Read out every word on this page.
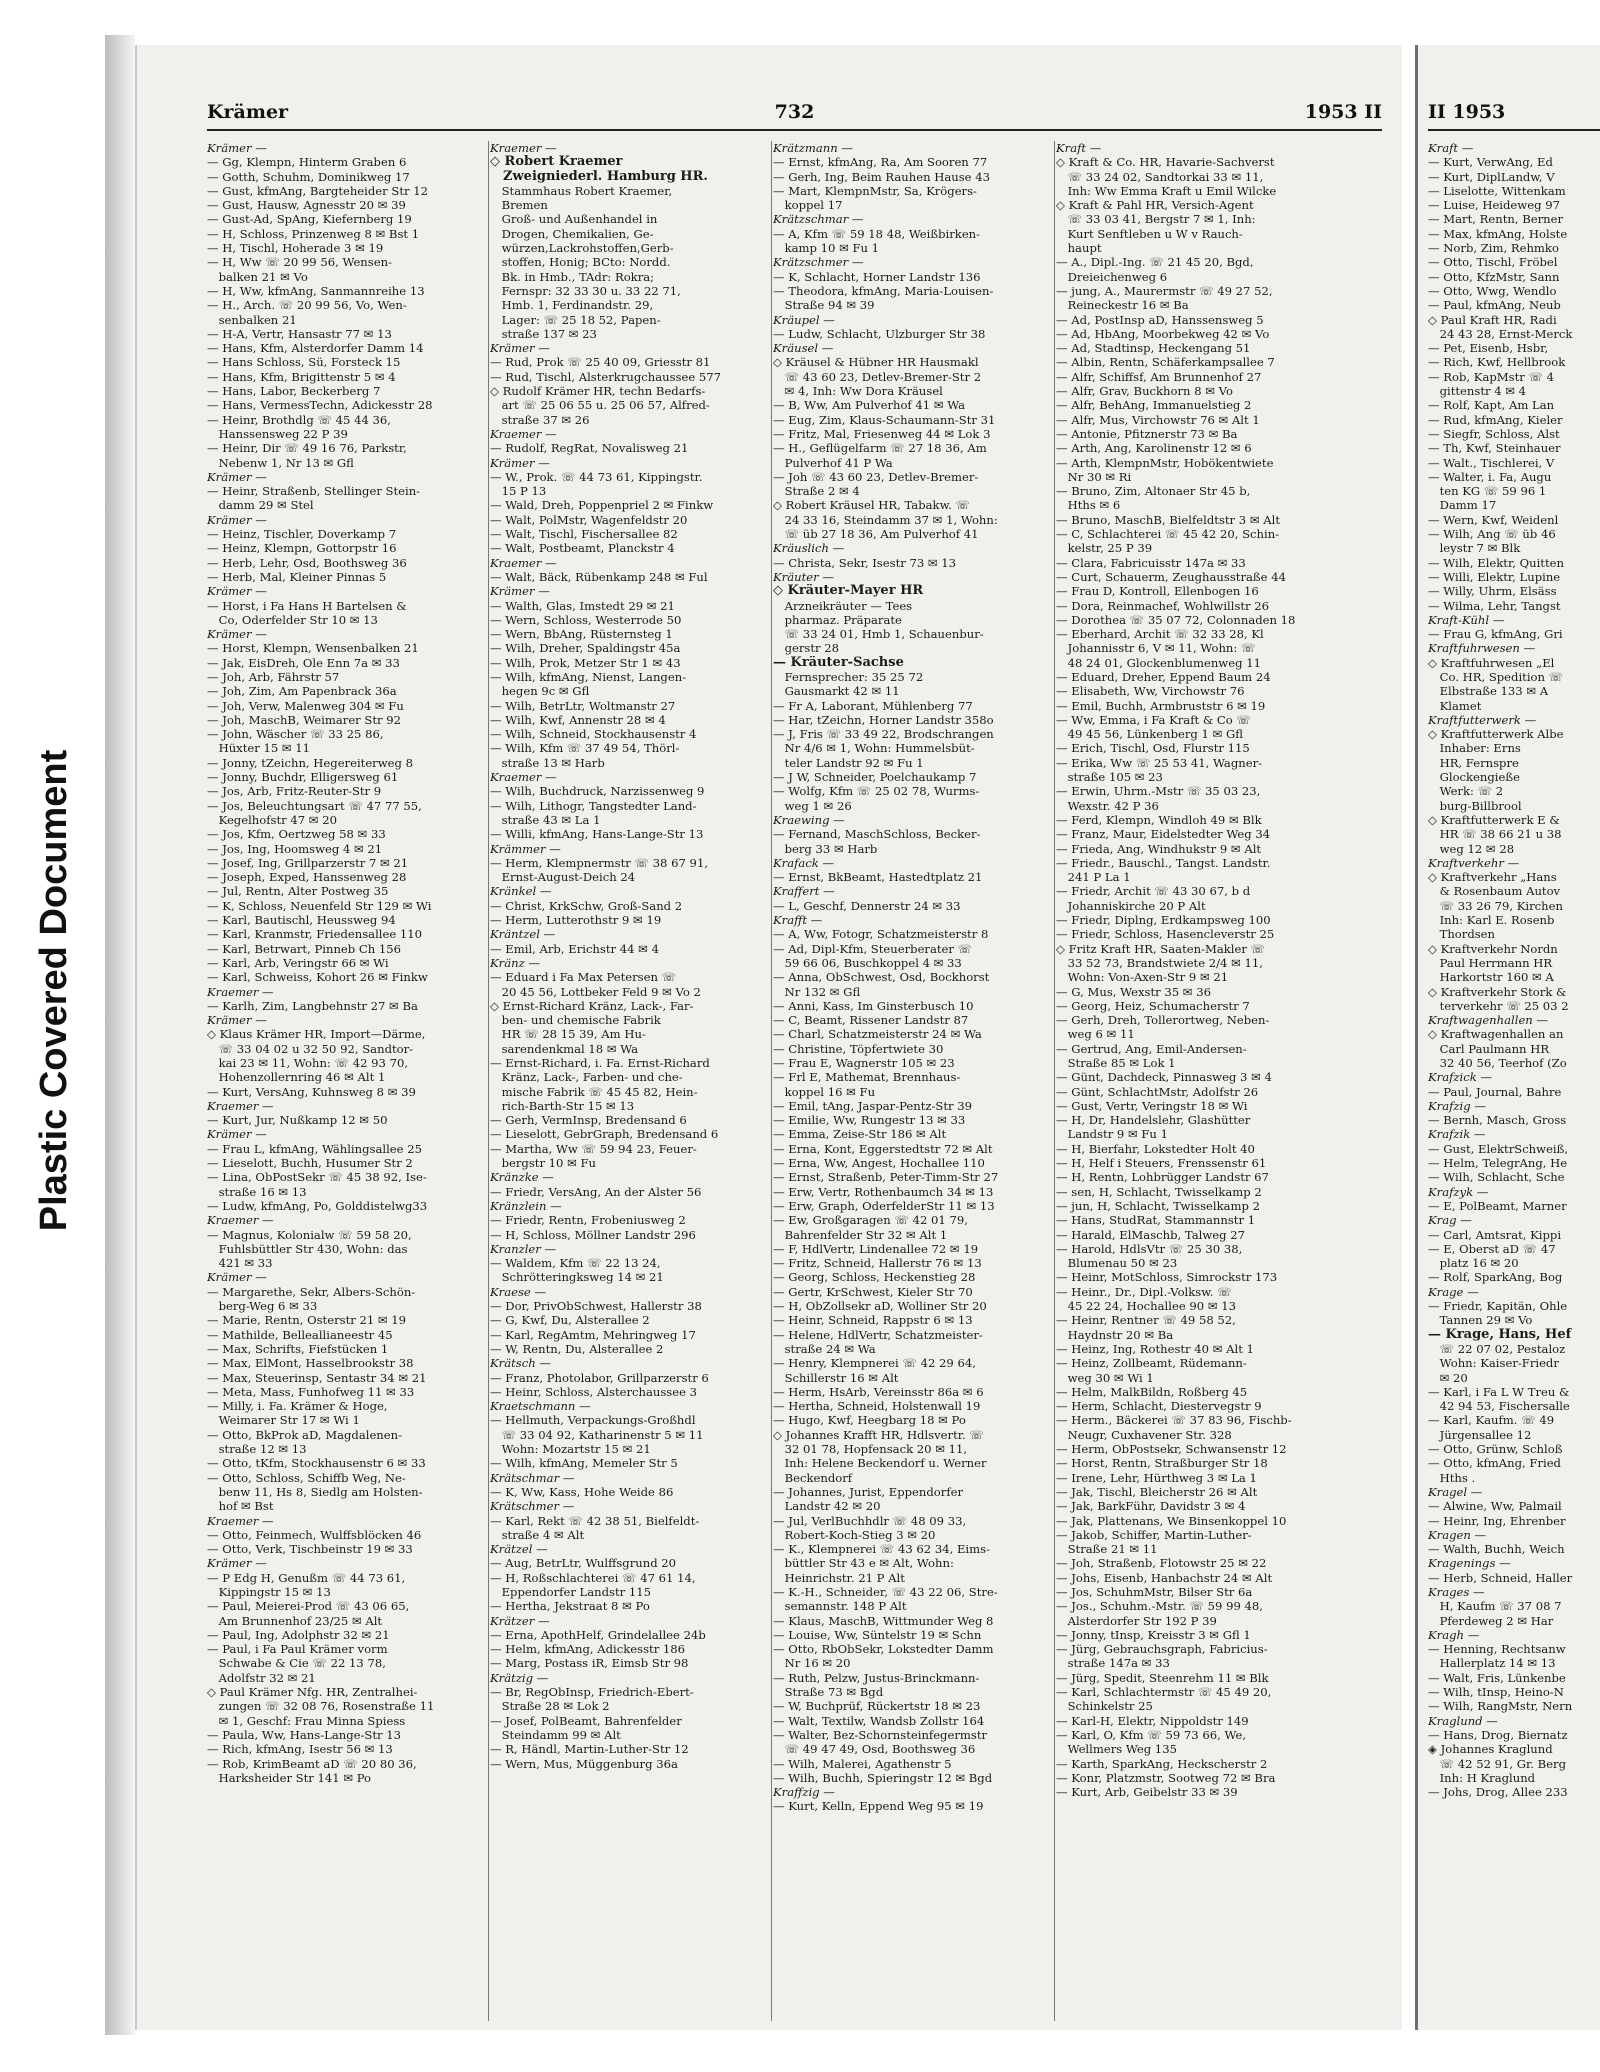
Plastic Covered Document
Krämer	732	1953 II
Krämer —
— Gg, Klempn, Hinterm Graben 6
— Gotth, Schuhm, Dominikweg 17
— Gust, kfmAng, Bargteheider Str 12
— Gust, Hausw, Agnesstr 20 ✉ 39
— Gust-Ad, SpAng, Kiefernberg 19
— H, Schloss, Prinzenweg 8 ✉ Bst 1
— H, Tischl, Hoherade 3 ✉ 19
— H, Ww ☏ 20 99 56, Wensen-
 balken 21 ✉ Vo
— H, Ww, kfmAng, Sanmannreihe 13
— H., Arch. ☏ 20 99 56, Vo, Wen-
 senbalken 21
— H-A, Vertr, Hansastr 77 ✉ 13
— Hans, Kfm, Alsterdorfer Damm 14
— Hans Schloss, Sü, Forsteck 15
— Hans, Kfm, Brigittenstr 5 ✉ 4
— Hans, Labor, Beckerberg 7
— Hans, VermessTechn, Adickesstr 28
— Heinr, Brothdlg ☏ 45 44 36,
 Hanssensweg 22 P 39
— Heinr, Dir ☏ 49 16 76, Parkstr,
 Nebenw 1, Nr 13 ✉ Gfl
Krämer —
— Heinr, Straßenb, Stellinger Stein-
 damm 29 ✉ Stel
Krämer —
— Heinz, Tischler, Doverkamp 7
— Heinz, Klempn, Gottorpstr 16
— Herb, Lehr, Osd, Boothsweg 36
— Herb, Mal, Kleiner Pinnas 5
Krämer —
— Horst, i Fa Hans H Bartelsen &
 Co, Oderfelder Str 10 ✉ 13
Krämer —
— Horst, Klempn, Wensenbalken 21
— Jak, EisDreh, Ole Enn 7a ✉ 33
— Joh, Arb, Fährstr 57
— Joh, Zim, Am Papenbrack 36a
— Joh, Verw, Malenweg 304 ✉ Fu
— Joh, MaschB, Weimarer Str 92
— John, Wäscher ☏ 33 25 86,
 Hüxter 15 ✉ 11
— Jonny, tZeichn, Hegereiterweg 8
— Jonny, Buchdr, Elligersweg 61
— Jos, Arb, Fritz-Reuter-Str 9
— Jos, Beleuchtungsart ☏ 47 77 55,
 Kegelhofstr 47 ✉ 20
— Jos, Kfm, Oertzweg 58 ✉ 33
— Jos, Ing, Hoomsweg 4 ✉ 21
— Josef, Ing, Grillparzerstr 7 ✉ 21
— Joseph, Exped, Hanssenweg 28
— Jul, Rentn, Alter Postweg 35
— K, Schloss, Neuenfeld Str 129 ✉ Wi
— Karl, Bautischl, Heussweg 94
— Karl, Kranmstr, Friedensallee 110
— Karl, Betrwart, Pinneb Ch 156
— Karl, Arb, Veringstr 66 ✉ Wi
— Karl, Schweiss, Kohort 26 ✉ Finkw
Kraemer —
— Karlh, Zim, Langbehnstr 27 ✉ Ba
Krämer —
◇ Klaus Krämer HR, Import—Därme,
 ☏ 33 04 02 u 32 50 92, Sandtor-
 kai 23 ✉ 11, Wohn: ☏ 42 93 70,
 Hohenzollernring 46 ✉ Alt 1
— Kurt, VersAng, Kuhnsweg 8 ✉ 39
Kraemer —
— Kurt, Jur, Nußkamp 12 ✉ 50
Krämer —
— Frau L, kfmAng, Wählingsallee 25
— Lieselott, Buchh, Husumer Str 2
— Lina, ObPostSekr ☏ 45 38 92, Ise-
 straße 16 ✉ 13
— Ludw, kfmAng, Po, Golddistelwg33
Kraemer —
— Magnus, Kolonialw ☏ 59 58 20,
 Fuhlsbüttler Str 430, Wohn: das
 421 ✉ 33
Krämer —
— Margarethe, Sekr, Albers-Schön-
 berg-Weg 6 ✉ 33
— Marie, Rentn, Osterstr 21 ✉ 19
— Mathilde, Belleallianeestr 45
— Max, Schrifts, Fiefstücken 1
— Max, ElMont, Hasselbrookstr 38
— Max, Steuerinsp, Sentastr 34 ✉ 21
— Meta, Mass, Funhofweg 11 ✉ 33
— Milly, i. Fa. Krämer & Hoge,
 Weimarer Str 17 ✉ Wi 1
— Otto, BkProk aD, Magdalenen-
 straße 12 ✉ 13
— Otto, tKfm, Stockhausenstr 6 ✉ 33
— Otto, Schloss, Schiffb Weg, Ne-
 benw 11, Hs 8, Siedlg am Holsten-
 hof ✉ Bst
Kraemer —
— Otto, Feinmech, Wulffsblöcken 46
— Otto, Verk, Tischbeinstr 19 ✉ 33
Krämer —
— P Edg H, Genußm ☏ 44 73 61,
 Kippingstr 15 ✉ 13
— Paul, Meierei-Prod ☏ 43 06 65,
 Am Brunnenhof 23/25 ✉ Alt
— Paul, Ing, Adolphstr 32 ✉ 21
— Paul, i Fa Paul Krämer vorm
 Schwabe & Cie ☏ 22 13 78,
 Adolfstr 32 ✉ 21
◇ Paul Krämer Nfg. HR, Zentralhei-
 zungen ☏ 32 08 76, Rosenstraße 11
 ✉ 1, Geschf: Frau Minna Spiess
— Paula, Ww, Hans-Lange-Str 13
— Rich, kfmAng, Isestr 56 ✉ 13
— Rob, KrimBeamt aD ☏ 20 80 36,
 Harksheider Str 141 ✉ Po
Kraemer —
◇ Robert Kraemer
 Zweigniederl. Hamburg HR.
 Stammhaus Robert Kraemer,
 Bremen
 Groß- und Außenhandel in
 Drogen, Chemikalien, Ge-
 würzen,Lackrohstoffen,Gerb-
 stoffen, Honig; BCto: Nordd.
 Bk. in Hmb., TAdr: Rokra;
 Fernspr: 32 33 30 u. 33 22 71,
 Hmb. 1, Ferdinandstr. 29,
 Lager: ☏ 25 18 52, Papen-
 straße 137 ✉ 23
Krämer —
— Rud, Prok ☏ 25 40 09, Griesstr 81
— Rud, Tischl, Alsterkrugchaussee 577
◇ Rudolf Krämer HR, techn Bedarfs-
 art ☏ 25 06 55 u. 25 06 57, Alfred-
 straße 37 ✉ 26
Kraemer —
— Rudolf, RegRat, Novalisweg 21
Krämer —
— W., Prok. ☏ 44 73 61, Kippingstr.
 15 P 13
— Wald, Dreh, Poppenpriel 2 ✉ Finkw
— Walt, PolMstr, Wagenfeldstr 20
— Walt, Tischl, Fischersallee 82
— Walt, Postbeamt, Planckstr 4
Kraemer —
— Walt, Bäck, Rübenkamp 248 ✉ Ful
Krämer —
— Walth, Glas, Imstedt 29 ✉ 21
— Wern, Schloss, Westerrode 50
— Wern, BbAng, Rüsternsteg 1
— Wilh, Dreher, Spaldingstr 45a
— Wilh, Prok, Metzer Str 1 ✉ 43
— Wilh, kfmAng, Nienst, Langen-
 hegen 9c ✉ Gfl
— Wilh, BetrLtr, Woltmanstr 27
— Wilh, Kwf, Annenstr 28 ✉ 4
— Wilh, Schneid, Stockhausenstr 4
— Wilh, Kfm ☏ 37 49 54, Thörl-
 straße 13 ✉ Harb
Kraemer —
— Wilh, Buchdruck, Narzissenweg 9
— Wilh, Lithogr, Tangstedter Land-
 straße 43 ✉ La 1
— Willi, kfmAng, Hans-Lange-Str 13
Krämmer —
— Herm, Klempnermstr ☏ 38 67 91,
 Ernst-August-Deich 24
Kränkel —
— Christ, KrkSchw, Groß-Sand 2
— Herm, Lutterothstr 9 ✉ 19
Kräntzel —
— Emil, Arb, Erichstr 44 ✉ 4
Kränz —
— Eduard i Fa Max Petersen ☏
 20 45 56, Lottbeker Feld 9 ✉ Vo 2
◇ Ernst-Richard Kränz, Lack-, Far-
 ben- und chemische Fabrik
 HR ☏ 28 15 39, Am Hu-
 sarendenkmal 18 ✉ Wa
— Ernst-Richard, i. Fa. Ernst-Richard
 Kränz, Lack-, Farben- und che-
 mische Fabrik ☏ 45 45 82, Hein-
 rich-Barth-Str 15 ✉ 13
— Gerh, VermInsp, Bredensand 6
— Lieselott, GebrGraph, Bredensand 6
— Martha, Ww ☏ 59 94 23, Feuer-
 bergstr 10 ✉ Fu
Kränzke —
— Friedr, VersAng, An der Alster 56
Kränzlein —
— Friedr, Rentn, Frobeniusweg 2
— H, Schloss, Möllner Landstr 296
Kranzler —
— Waldem, Kfm ☏ 22 13 24,
 Schrötteringksweg 14 ✉ 21
Kraese —
— Dor, PrivObSchwest, Hallerstr 38
— G, Kwf, Du, Alsterallee 2
— Karl, RegAmtm, Mehringweg 17
— W, Rentn, Du, Alsterallee 2
Krätsch —
— Franz, Photolabor, Grillparzerstr 6
— Heinr, Schloss, Alsterchaussee 3
Kraetschmann —
— Hellmuth, Verpackungs-Großhdl
 ☏ 33 04 92, Katharinenstr 5 ✉ 11
 Wohn: Mozartstr 15 ✉ 21
— Wilh, kfmAng, Memeler Str 5
Krätschmar —
— K, Ww, Kass, Hohe Weide 86
Krätschmer —
— Karl, Rekt ☏ 42 38 51, Bielfeldt-
 straße 4 ✉ Alt
Krätzel —
— Aug, BetrLtr, Wulffsgrund 20
— H, Roßschlachterei ☏ 47 61 14,
 Eppendorfer Landstr 115
— Hertha, Jekstraat 8 ✉ Po
Krätzer —
— Erna, ApothHelf, Grindelallee 24b
— Helm, kfmAng, Adickesstr 186
— Marg, Postass iR, Eimsb Str 98
Krätzig —
— Br, RegObInsp, Friedrich-Ebert-
 Straße 28 ✉ Lok 2
— Josef, PolBeamt, Bahrenfelder
 Steindamm 99 ✉ Alt
— R, Händl, Martin-Luther-Str 12
— Wern, Mus, Müggenburg 36a
Krätzmann —
— Ernst, kfmAng, Ra, Am Sooren 77
— Gerh, Ing, Beim Rauhen Hause 43
— Mart, KlempnMstr, Sa, Krögers-
 koppel 17
Krätzschmar —
— A, Kfm ☏ 59 18 48, Weißbirken-
 kamp 10 ✉ Fu 1
Krätzschmer —
— K, Schlacht, Horner Landstr 136
— Theodora, kfmAng, Maria-Louisen-
 Straße 94 ✉ 39
Kräupel —
— Ludw, Schlacht, Ulzburger Str 38
Kräusel —
◇ Kräusel & Hübner HR Hausmakl
 ☏ 43 60 23, Detlev-Bremer-Str 2
 ✉ 4, Inh: Ww Dora Kräusel
— B, Ww, Am Pulverhof 41 ✉ Wa
— Eug, Zim, Klaus-Schaumann-Str 31
— Fritz, Mal, Friesenweg 44 ✉ Lok 3
— H., Geflügelfarm ☏ 27 18 36, Am
 Pulverhof 41 P Wa
— Joh ☏ 43 60 23, Detlev-Bremer-
 Straße 2 ✉ 4
◇ Robert Kräusel HR, Tabakw. ☏
 24 33 16, Steindamm 37 ✉ 1, Wohn:
 ☏ üb 27 18 36, Am Pulverhof 41
Kräuslich —
— Christa, Sekr, Isestr 73 ✉ 13
Kräuter —
◇ Kräuter-Mayer HR
 Arzneikräuter — Tees
 pharmaz. Präparate
 ☏ 33 24 01, Hmb 1, Schauenbur-
 gerstr 28
— Kräuter-Sachse
 Fernsprecher: 35 25 72
 Gausmarkt 42 ✉ 11
— Fr A, Laborant, Mühlenberg 77
— Har, tZeichn, Horner Landstr 358o
— J, Fris ☏ 33 49 22, Brodschrangen
 Nr 4/6 ✉ 1, Wohn: Hummelsbüt-
 teler Landstr 92 ✉ Fu 1
— J W, Schneider, Poelchaukamp 7
— Wolfg, Kfm ☏ 25 02 78, Wurms-
 weg 1 ✉ 26
Kraewing —
— Fernand, MaschSchloss, Becker-
 berg 33 ✉ Harb
Krafack —
— Ernst, BkBeamt, Hastedtplatz 21
Kraffert —
— L, Geschf, Dennerstr 24 ✉ 33
Krafft —
— A, Ww, Fotogr, Schatzmeisterstr 8
— Ad, Dipl-Kfm, Steuerberater ☏
 59 66 06, Buschkoppel 4 ✉ 33
— Anna, ObSchwest, Osd, Bockhorst
 Nr 132 ✉ Gfl
— Anni, Kass, Im Ginsterbusch 10
— C, Beamt, Rissener Landstr 87
— Charl, Schatzmeisterstr 24 ✉ Wa
— Christine, Töpfertwiete 30
— Frau E, Wagnerstr 105 ✉ 23
— Frl E, Mathemat, Brennhaus-
 koppel 16 ✉ Fu
— Emil, tAng, Jaspar-Pentz-Str 39
— Emilie, Ww, Rungestr 13 ✉ 33
— Emma, Zeise-Str 186 ✉ Alt
— Erna, Kont, Eggerstedtstr 72 ✉ Alt
— Erna, Ww, Angest, Hochallee 110
— Ernst, Straßenb, Peter-Timm-Str 27
— Erw, Vertr, Rothenbaumch 34 ✉ 13
— Erw, Graph, OderfelderStr 11 ✉ 13
— Ew, Großgaragen ☏ 42 01 79,
 Bahrenfelder Str 32 ✉ Alt 1
— F, HdlVertr, Lindenallee 72 ✉ 19
— Fritz, Schneid, Hallerstr 76 ✉ 13
— Georg, Schloss, Heckenstieg 28
— Gertr, KrSchwest, Kieler Str 70
— H, ObZollsekr aD, Wolliner Str 20
— Heinr, Schneid, Rappstr 6 ✉ 13
— Helene, HdlVertr, Schatzmeister-
 straße 24 ✉ Wa
— Henry, Klempnerei ☏ 42 29 64,
 Schillerstr 16 ✉ Alt
— Herm, HsArb, Vereinsstr 86a ✉ 6
— Hertha, Schneid, Holstenwall 19
— Hugo, Kwf, Heegbarg 18 ✉ Po
◇ Johannes Krafft HR, Hdlsvertr. ☏
 32 01 78, Hopfensack 20 ✉ 11,
 Inh: Helene Beckendorf u. Werner
 Beckendorf
— Johannes, Jurist, Eppendorfer
 Landstr 42 ✉ 20
— Jul, VerlBuchhdlr ☏ 48 09 33,
 Robert-Koch-Stieg 3 ✉ 20
— K., Klempnerei ☏ 43 62 34, Eims-
 büttler Str 43 e ✉ Alt, Wohn:
 Heinrichstr. 21 P Alt
— K.-H., Schneider, ☏ 43 22 06, Stre-
 semannstr. 148 P Alt
— Klaus, MaschB, Wittmunder Weg 8
— Louise, Ww, Süntelstr 19 ✉ Schn
— Otto, RbObSekr, Lokstedter Damm
 Nr 16 ✉ 20
— Ruth, Pelzw, Justus-Brinckmann-
 Straße 73 ✉ Bgd
— W, Buchprüf, Rückertstr 18 ✉ 23
— Walt, Textilw, Wandsb Zollstr 164
— Walter, Bez-Schornsteinfegermstr
 ☏ 49 47 49, Osd, Boothsweg 36
— Wilh, Malerei, Agathenstr 5
— Wilh, Buchh, Spieringstr 12 ✉ Bgd
Kraffzig —
— Kurt, Kelln, Eppend Weg 95 ✉ 19
Kraft —
◇ Kraft & Co. HR, Havarie-Sachverst
 ☏ 33 24 02, Sandtorkai 33 ✉ 11,
 Inh: Ww Emma Kraft u Emil Wilcke
◇ Kraft & Pahl HR, Versich-Agent
 ☏ 33 03 41, Bergstr 7 ✉ 1, Inh:
 Kurt Senftleben u W v Rauch-
 haupt
— A., Dipl.-Ing. ☏ 21 45 20, Bgd,
 Dreieichenweg 6
— jung, A., Maurermstr ☏ 49 27 52,
 Reineckestr 16 ✉ Ba
— Ad, PostInsp aD, Hanssensweg 5
— Ad, HbAng, Moorbekweg 42 ✉ Vo
— Ad, Stadtinsp, Heckengang 51
— Albin, Rentn, Schäferkampsallee 7
— Alfr, Schiffsf, Am Brunnenhof 27
— Alfr, Grav, Buckhorn 8 ✉ Vo
— Alfr, BehAng, Immanuelstieg 2
— Alfr, Mus, Virchowstr 76 ✉ Alt 1
— Antonie, Pfitznerstr 73 ✉ Ba
— Arth, Ang, Karolinenstr 12 ✉ 6
— Arth, KlempnMstr, Hobökentwiete
 Nr 30 ✉ Ri
— Bruno, Zim, Altonaer Str 45 b,
 Hths ✉ 6
— Bruno, MaschB, Bielfeldtstr 3 ✉ Alt
— C, Schlachterei ☏ 45 42 20, Schin-
 kelstr, 25 P 39
— Clara, Fabricuisstr 147a ✉ 33
— Curt, Schauerm, Zeughausstraße 44
— Frau D, Kontroll, Ellenbogen 16
— Dora, Reinmachef, Wohlwillstr 26
— Dorothea ☏ 35 07 72, Colonnaden 18
— Eberhard, Archit ☏ 32 33 28, Kl
 Johannisstr 6, V ✉ 11, Wohn: ☏
 48 24 01, Glockenblumenweg 11
— Eduard, Dreher, Eppend Baum 24
— Elisabeth, Ww, Virchowstr 76
— Emil, Buchh, Armbruststr 6 ✉ 19
— Ww, Emma, i Fa Kraft & Co ☏
 49 45 56, Lünkenberg 1 ✉ Gfl
— Erich, Tischl, Osd, Flurstr 115
— Erika, Ww ☏ 25 53 41, Wagner-
 straße 105 ✉ 23
— Erwin, Uhrm.-Mstr ☏ 35 03 23,
 Wexstr. 42 P 36
— Ferd, Klempn, Windloh 49 ✉ Blk
— Franz, Maur, Eidelstedter Weg 34
— Frieda, Ang, Windhukstr 9 ✉ Alt
— Friedr., Bauschl., Tangst. Landstr.
 241 P La 1
— Friedr, Archit ☏ 43 30 67, b d
 Johanniskirche 20 P Alt
— Friedr, Diplng, Erdkampsweg 100
— Friedr, Schloss, Hasencleverstr 25
◇ Fritz Kraft HR, Saaten-Makler ☏
 33 52 73, Brandstwiete 2/4 ✉ 11,
 Wohn: Von-Axen-Str 9 ✉ 21
— G, Mus, Wexstr 35 ✉ 36
— Georg, Heiz, Schumacherstr 7
— Gerh, Dreh, Tollerortweg, Neben-
 weg 6 ✉ 11
— Gertrud, Ang, Emil-Andersen-
 Straße 85 ✉ Lok 1
— Günt, Dachdeck, Pinnasweg 3 ✉ 4
— Günt, SchlachtMstr, Adolfstr 26
— Gust, Vertr, Veringstr 18 ✉ Wi
— H, Dr, Handelslehr, Glashütter
 Landstr 9 ✉ Fu 1
— H, Bierfahr, Lokstedter Holt 40
— H, Helf i Steuers, Frenssenstr 61
— H, Rentn, Lohbrügger Landstr 67
— sen, H, Schlacht, Twisselkamp 2
— jun, H, Schlacht, Twisselkamp 2
— Hans, StudRat, Stammannstr 1
— Harald, ElMaschb, Talweg 27
— Harold, HdlsVtr ☏ 25 30 38,
 Blumenau 50 ✉ 23
— Heinr, MotSchloss, Simrockstr 173
— Heinr., Dr., Dipl.-Volksw. ☏
 45 22 24, Hochallee 90 ✉ 13
— Heinr, Rentner ☏ 49 58 52,
 Haydnstr 20 ✉ Ba
— Heinz, Ing, Rothestr 40 ✉ Alt 1
— Heinz, Zollbeamt, Rüdemann-
 weg 30 ✉ Wi 1
— Helm, MalkBildn, Roßberg 45
— Herm, Schlacht, Diestervegstr 9
— Herm., Bäckerei ☏ 37 83 96, Fischb-
 Neugr, Cuxhavener Str. 328
— Herm, ObPostsekr, Schwansenstr 12
— Horst, Rentn, Straßburger Str 18
— Irene, Lehr, Hürthweg 3 ✉ La 1
— Jak, Tischl, Bleicherstr 26 ✉ Alt
— Jak, BarkFühr, Davidstr 3 ✉ 4
— Jak, Plattenans, We Binsenkoppel 10
— Jakob, Schiffer, Martin-Luther-
 Straße 21 ✉ 11
— Joh, Straßenb, Flotowstr 25 ✉ 22
— Johs, Eisenb, Hanbachstr 24 ✉ Alt
— Jos, SchuhmMstr, Bilser Str 6a
— Jos., Schuhm.-Mstr. ☏ 59 99 48,
 Alsterdorfer Str 192 P 39
— Jonny, tInsp, Kreisstr 3 ✉ Gfl 1
— Jürg, Gebrauchsgraph, Fabricius-
 straße 147a ✉ 33
— Jürg, Spedit, Steenrehm 11 ✉ Blk
— Karl, Schlachtermstr ☏ 45 49 20,
 Schinkelstr 25
— Karl-H, Elektr, Nippoldstr 149
— Karl, O, Kfm ☏ 59 73 66, We,
 Wellmers Weg 135
— Karth, SparkAng, Heckscherstr 2
— Konr, Platzmstr, Sootweg 72 ✉ Bra
— Kurt, Arb, Geibelstr 33 ✉ 39
II 1953
Kraft —
— Kurt, VerwAng, Ed
— Kurt, DiplLandw, V
— Liselotte, Wittenkam
— Luise, Heideweg 97
— Mart, Rentn, Berner
— Max, kfmAng, Holste
— Norb, Zim, Rehmko
— Otto, Tischl, Fröbel
— Otto, KfzMstr, Sann
— Otto, Wwg, Wendlo
— Paul, kfmAng, Neub
◇ Paul Kraft HR, Radi
 24 43 28, Ernst-Merck
— Pet, Eisenb, Hsbr,
— Rich, Kwf, Hellbrook
— Rob, KapMstr ☏ 4
 gittenstr 4 ✉ 4
— Rolf, Kapt, Am Lan
— Rud, kfmAng, Kieler
— Siegfr, Schloss, Alst
— Th, Kwf, Steinhauer
— Walt., Tischlerei, V
— Walter, i. Fa, Augu
 ten KG ☏ 59 96 1
 Damm 17
— Wern, Kwf, Weidenl
— Wilh, Ang ☏ üb 46
 leystr 7 ✉ Blk
— Wilh, Elektr, Quitten
— Willi, Elektr, Lupine
— Willy, Uhrm, Elsäss
— Wilma, Lehr, Tangst
Kraft-Kühl —
— Frau G, kfmAng, Gri
Kraftfuhrwesen —
◇ Kraftfuhrwesen „El
 Co. HR, Spedition ☏
 Elbstraße 133 ✉ A
 Klamet
Kraftfutterwerk —
◇ Kraftfutterwerk Albe
 Inhaber: Erns
 HR, Fernspre
 Glockengieße
 Werk: ☏ 2
 burg-Billbrool
◇ Kraftfutterwerk E &
 HR ☏ 38 66 21 u 38
 weg 12 ✉ 28
Kraftverkehr —
◇ Kraftverkehr „Hans
 & Rosenbaum Autov
 ☏ 33 26 79, Kirchen
 Inh: Karl E. Rosenb
 Thordsen
◇ Kraftverkehr Nordn
 Paul Herrmann HR
 Harkortstr 160 ✉ A
◇ Kraftverkehr Stork &
 terverkehr ☏ 25 03 2
Kraftwagenhallen —
◇ Kraftwagenhallen an
 Carl Paulmann HR
 32 40 56, Teerhof (Zo
Krafzick —
— Paul, Journal, Bahre
Krafzig —
— Bernh, Masch, Gross
Krafzik —
— Gust, ElektrSchweiß,
— Helm, TelegrAng, He
— Wilh, Schlacht, Sche
Krafzyk —
— E, PolBeamt, Marner
Krag —
— Carl, Amtsrat, Kippi
— E, Oberst aD ☏ 47
 platz 16 ✉ 20
— Rolf, SparkAng, Bog
Krage —
— Friedr, Kapitän, Ohle
 Tannen 29 ✉ Vo
— Krage, Hans, Hef
 ☏ 22 07 02, Pestaloz
 Wohn: Kaiser-Friedr
 ✉ 20
— Karl, i Fa L W Treu &
 42 94 53, Fischersalle
— Karl, Kaufm. ☏ 49
 Jürgensallee 12
— Otto, Grünw, Schloß
— Otto, kfmAng, Fried
 Hths .
Kragel —
— Alwine, Ww, Palmail
— Heinr, Ing, Ehrenber
Kragen —
— Walth, Buchh, Weich
Kragenings —
— Herb, Schneid, Haller
Krages —
 H, Kaufm ☏ 37 08 7
 Pferdeweg 2 ✉ Har
Kragh —
— Henning, Rechtsanw
 Hallerplatz 14 ✉ 13
— Walt, Fris, Lünkenbe
— Wilh, tInsp, Heino-N
— Wilh, RangMstr, Nern
Kraglund —
— Hans, Drog, Biernatz
◈ Johannes Kraglund
 ☏ 42 52 91, Gr. Berg
 Inh: H Kraglund
— Johs, Drog, Allee 233
